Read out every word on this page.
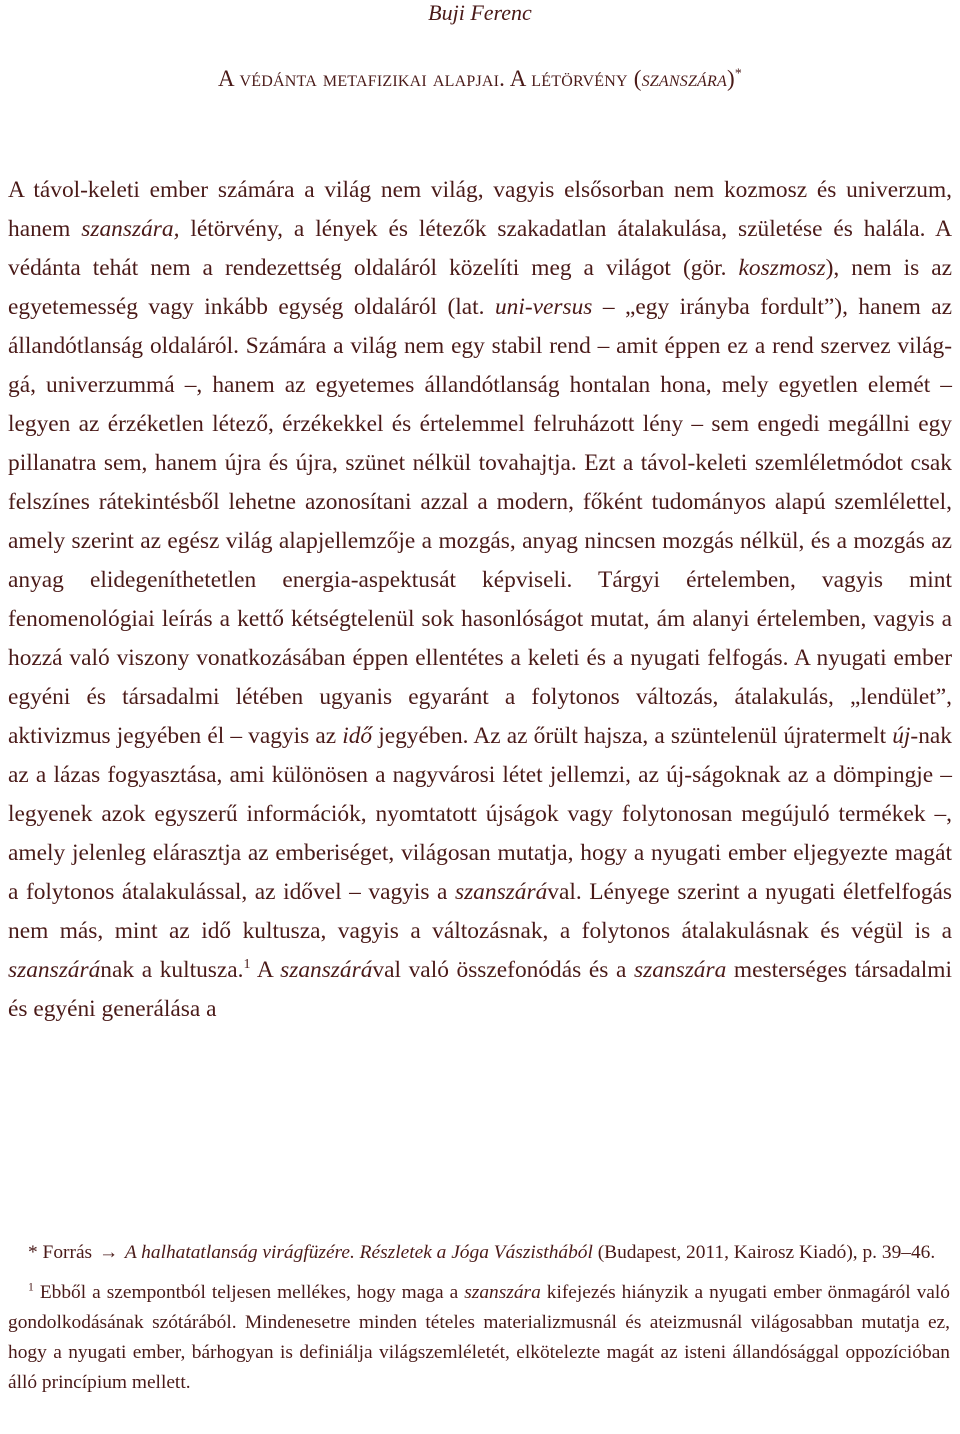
Buji Ferenc

A védánta metafizikai alapjai. A létörvény (szanszára)*

A távol-keleti ember számára a világ nem világ, vagyis elsősorban nem kozmosz és univerzum, hanem szanszára, létörvény, a lények és létezők szakadatlan átalakulása, születése és halála. A védánta tehát nem a rendezettség oldaláról közelíti meg a világot (gör. koszmosz), nem is az egyetemesség vagy inkább egység oldaláról (lat. uni-versus – „egy irányba fordult”), hanem az állandótlanság oldaláról. Számára a világ nem egy stabil rend – amit éppen ez a rend szervez világgá, univerzummá –, hanem az egyetemes állandótlanság hontalan hona, mely egyetlen elemét – legyen az érzéketlen létező, érzékekkel és értelemmel felruházott lény – sem engedi megállni egy pillanatra sem, hanem újra és újra, szünet nélkül tovahajtja. Ezt a távol-keleti szemléletmódot csak felszínes rátekintésből lehetne azonosítani azzal a modern, főként tudományos alapú szemlélettel, amely szerint az egész világ alapjellemzője a mozgás, anyag nincsen mozgás nélkül, és a mozgás az anyag elidegeníthetetlen energia-aspektusát képviseli. Tárgyi értelemben, vagyis mint fenomenológiai leírás a kettő kétségtelenül sok hasonlóságot mutat, ám alanyi értelemben, vagyis a hozzá való viszony vonatkozásában éppen ellentétes a keleti és a nyugati felfogás. A nyugati ember egyéni és társadalmi létében ugyanis egyaránt a folytonos változás, átalakulás, „lendület”, aktivizmus jegyében él – vagyis az idő jegyében. Az az őrült hajsza, a szüntelenül újratermelt új-nak az a lázas fogyasztása, ami különösen a nagyvárosi létet jellemzi, az új-ságoknak az a dömpingje – legyenek azok egyszerű információk, nyomtatott újságok vagy folytonosan megújuló termékek –, amely jelenleg elárasztja az emberiséget, világosan mutatja, hogy a nyugati ember eljegyezte magát a folytonos átalakulással, az idővel – vagyis a szanszárával. Lényege szerint a nyugati életfelfogás nem más, mint az idő kultusza, vagyis a változásnak, a folytonos átalakulásnak és végül is a szanszárának a kultusza.$^1$ A szanszárával való összefonódás és a szanszára mesterséges társadalmi és egyéni generálása a

* Forrás → A halhatatlanság virágfüzére. Részletek a Jóga Vászisthából (Budapest, 2011, Kairosz Kiadó), p. 39–46.

$^1$ Ebből a szempontból teljesen mellékes, hogy maga a szanszára kifejezés hiányzik a nyugati ember önmagáról való gondolkodásának szótárából. Mindenesetre minden tételes materializmusnál és ateizmusnál világosabban mutatja ez, hogy a nyugati ember, bárhogyan is definiálja világszemléletét, elkötelezte magát az isteni állandósággal oppozícióban álló princípium mellett.
